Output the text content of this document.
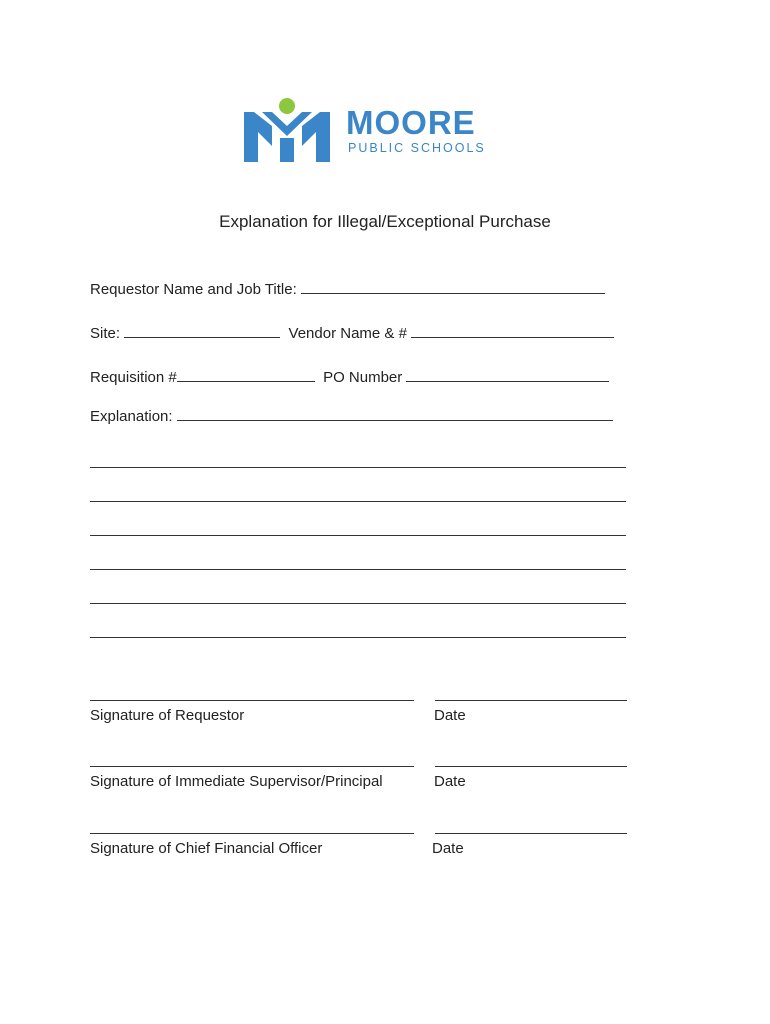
MOORE
PUBLIC SCHOOLS
Explanation for Illegal/Exceptional Purchase
Requestor Name and Job Title:
Site:	Vendor Name & #
Requisition #	PO Number
Explanation:
Signature of Requestor	Date
Signature of Immediate Supervisor/Principal	Date
Signature of Chief Financial Officer	Date
